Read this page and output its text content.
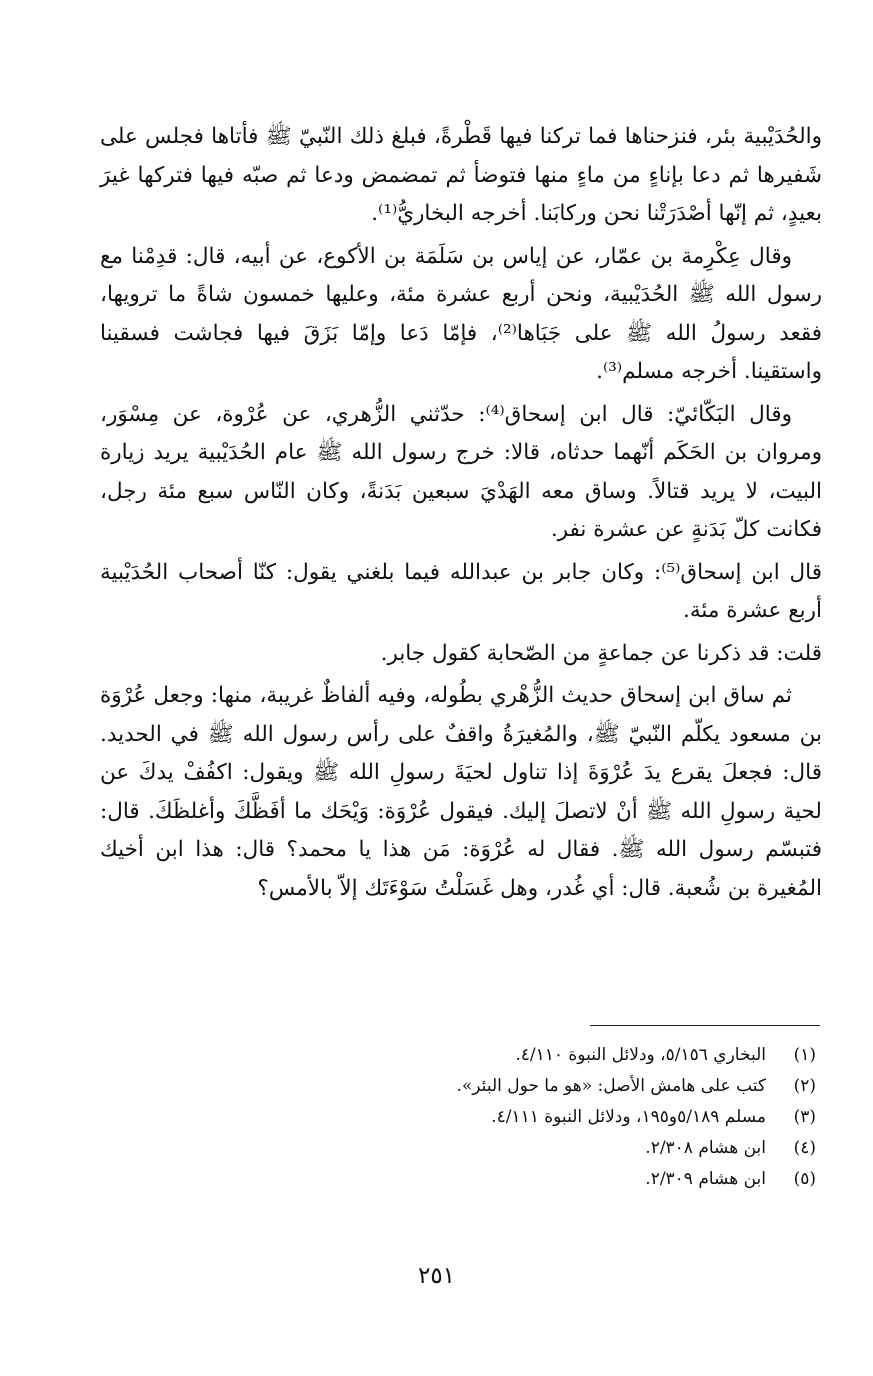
والحُدَيْبية بئر، فنزحناها فما تركنا فيها قَطْرةً، فبلغ ذلك النّبيّ ﷺ فأتاها فجلس على شَفيرها ثم دعا بإناءٍ من ماءٍ منها فتوضأ ثم تمضمض ودعا ثم صبّه فيها فتركها غيرَ بعيدٍ، ثم إنّها أصْدَرَتْنا نحن وركابَنا. أخرجه البخاريُّ⁽¹⁾.

وقال عِكْرِمة بن عمّار، عن إياس بن سَلَمَة بن الأكوع، عن أبيه، قال: قدِمْنا مع رسول الله ﷺ الحُدَيْبية، ونحن أربع عشرة مئة، وعليها خمسون شاةً ما ترويها، فقعد رسولُ الله ﷺ على جَبَاها⁽²⁾، فإمّا دَعا وإمّا بَزَقَ فيها فجاشت فسقينا واستقينا. أخرجه مسلم⁽³⁾.

وقال البَكّائيّ: قال ابن إسحاق⁽⁴⁾: حدّثني الزُّهري، عن عُرْوة، عن مِسْوَر، ومروان بن الحَكَم أنّهما حدثاه، قالا: خرج رسول الله ﷺ عام الحُدَيْبية يريد زيارة البيت، لا يريد قتالاً. وساق معه الهَدْيَ سبعين بَدَنةً، وكان النّاس سبع مئة رجل، فكانت كلّ بَدَنةٍ عن عشرة نفر.

قال ابن إسحاق⁽⁵⁾: وكان جابر بن عبدالله فيما بلغني يقول: كنّا أصحاب الحُدَيْبية أربع عشرة مئة.

قلت: قد ذكرنا عن جماعةٍ من الصّحابة كقول جابر.

ثم ساق ابن إسحاق حديث الزُّهْري بطُوله، وفيه ألفاظٌ غريبة، منها: وجعل عُرْوَة بن مسعود يكلّم النّبيّ ﷺ، والمُغيرَةُ واقفٌ على رأس رسول الله ﷺ في الحديد. قال: فجعلَ يقرع يدَ عُرْوَةَ إذا تناول لحيَةَ رسولِ الله ﷺ ويقول: اكفُفْ يدكَ عن لحية رسولِ الله ﷺ أنْ لاتصلَ إليك. فيقول عُرْوَة: وَيْحَك ما أفَظَّكَ وأغلظَكَ. قال: فتبسّم رسول الله ﷺ. فقال له عُرْوَة: مَن هذا يا محمد؟ قال: هذا ابن أخيك المُغيرة بن شُعبة. قال: أي غُدر، وهل غَسَلْتُ سَوْءَتَك إلاّ بالأمس؟

(١)
البخاري ٥/١٥٦، ودلائل النبوة ٤/١١٠.
(٢)
كتب على هامش الأصل: «هو ما حول البئر».
(٣)
مسلم ٥/١٨٩و١٩٥، ودلائل النبوة ٤/١١١.
(٤)
ابن هشام ٢/٣٠٨.
(٥)
ابن هشام ٢/٣٠٩.
٢٥١
